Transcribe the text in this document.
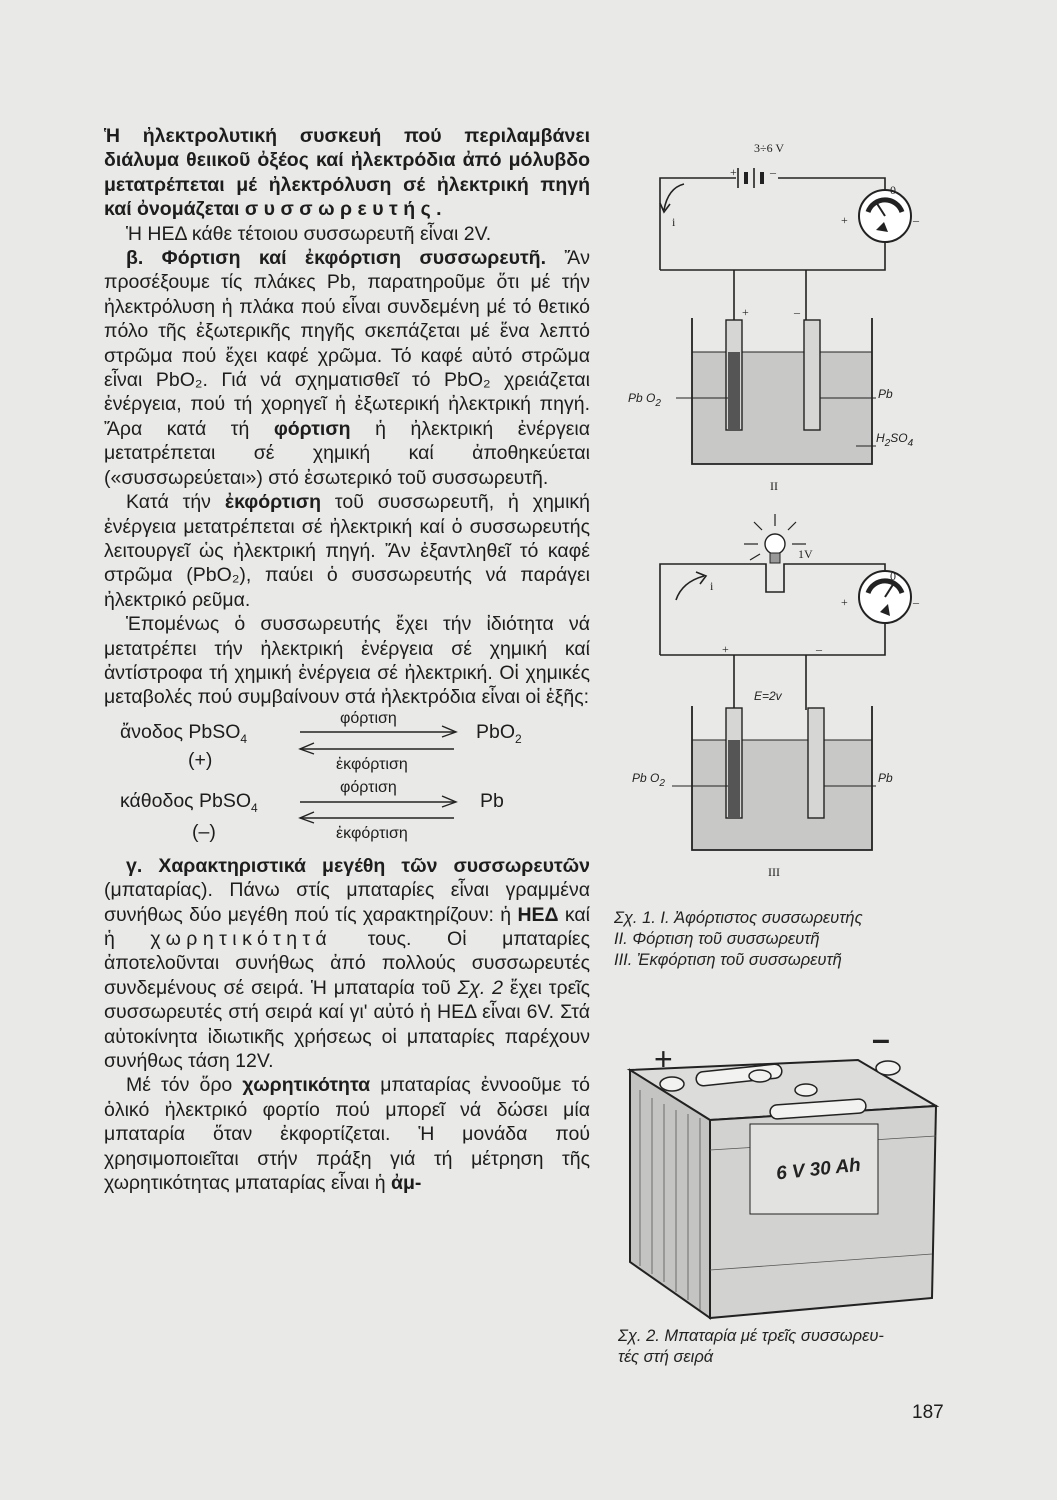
Ἡ ἠλεκτρολυτική συσκευή πού περιλαμβάνει διάλυμα θειικοῦ ὀξέος καί ἠλεκτρόδια ἀπό μόλυβδο μετατρέπεται μέ ἠλεκτρόλυση σέ ἠλεκτρική πηγή καί ὀνομάζεται συσσωρευτής.

Ἡ ΗΕΔ κάθε τέτοιου συσσωρευτῆ εἶναι 2V.

β. Φόρτιση καί ἐκφόρτιση συσσωρευτῆ. Ἄν προσέξουμε τίς πλάκες Pb, παρατηροῦμε ὅτι μέ τήν ἠλεκτρόλυση ἡ πλάκα πού εἶναι συνδεμένη μέ τό θετικό πόλο τῆς ἐξωτερικῆς πηγῆς σκεπάζεται μέ ἕνα λεπτό στρῶμα πού ἔχει καφέ χρῶμα. Τό καφέ αὐτό στρῶμα εἶναι PbO₂. Γιά νά σχηματισθεῖ τό PbO₂ χρειάζεται ἐνέργεια, πού τή χορηγεῖ ἡ ἐξωτερική ἠλεκτρική πηγή. Ἄρα κατά τή φόρτιση ἡ ἠλεκτρική ἐνέργεια μετατρέπεται σέ χημική καί ἀποθηκεύεται («συσσωρεύεται») στό ἐσωτερικό τοῦ συσσωρευτῆ.

Κατά τήν ἐκφόρτιση τοῦ συσσωρευτῆ, ἡ χημική ἐνέργεια μετατρέπεται σέ ἠλεκτρική καί ὁ συσσωρευτής λειτουργεῖ ὡς ἠλεκτρική πηγή. Ἄν ἐξαντληθεῖ τό καφέ στρῶμα (PbO₂), παύει ὁ συσσωρευτής νά παράγει ἠλεκτρικό ρεῦμα.

Ἑπομένως ὁ συσσωρευτής ἔχει τήν ἰδιότητα νά μετατρέπει τήν ἠλεκτρική ἐνέργεια σέ χημική καί ἀντίστροφα τή χημική ἐνέργεια σέ ἠλεκτρική. Οἱ χημικές μεταβολές πού συμβαίνουν στά ἠλεκτρόδια εἶναι οἱ ἑξῆς:

φόρτιση
ἄνοδος PbSO$_4$	PbO$_2$
(+)	ἐκφόρτιση
φόρτιση
κάθοδος PbSO$_4$	Pb
(–)	ἐκφόρτιση

γ. Χαρακτηριστικά μεγέθη τῶν συσσωρευτῶν (μπαταρίας). Πάνω στίς μπαταρίες εἶναι γραμμένα συνήθως δύο μεγέθη πού τίς χαρακτηρίζουν: ἡ ΗΕΔ καί ἡ χωρητικότητά τους. Οἱ μπαταρίες ἀποτελοῦνται συνήθως ἀπό πολλούς συσσωρευτές συνδεμένους σέ σειρά. Ἡ μπαταρία τοῦ Σχ. 2 ἔχει τρεῖς συσσωρευτές στή σειρά καί γι' αὐτό ἡ ΗΕΔ εἶναι 6V. Στά αὐτοκίνητα ἰδιωτικῆς χρήσεως οἱ μπαταρίες παρέχουν συνήθως τάση 12V.

Μέ τόν ὅρο χωρητικότητα μπαταρίας ἐννοοῦμε τό ὁλικό ἠλεκτρικό φορτίο πού μπορεῖ νά δώσει μία μπαταρία ὅταν ἐκφορτίζεται. Ἡ μονάδα πού χρησιμοποιεῖται στήν πράξη γιά τή μέτρηση τῆς χωρητικότητας μπαταρίας εἶναι ἡ ἀμ-

3÷6 V
+	–
i
0
+	–
+	–
Pb $O_2$
Pb
$H_2SO_4$
II
1V
i
0
+	–
+	–
E=2v
Pb $O_2$	Pb
III
Σχ. 1. I. Ἀφόρτιστος συσσωρευτής
II. Φόρτιση τοῦ συσσωρευτῆ
III. Ἐκφόρτιση τοῦ συσσωρευτῆ
6 V 30 Ah
+
–
Σχ. 2. Μπαταρία μέ τρεῖς συσσωρευ-
τές στή σειρά
187
